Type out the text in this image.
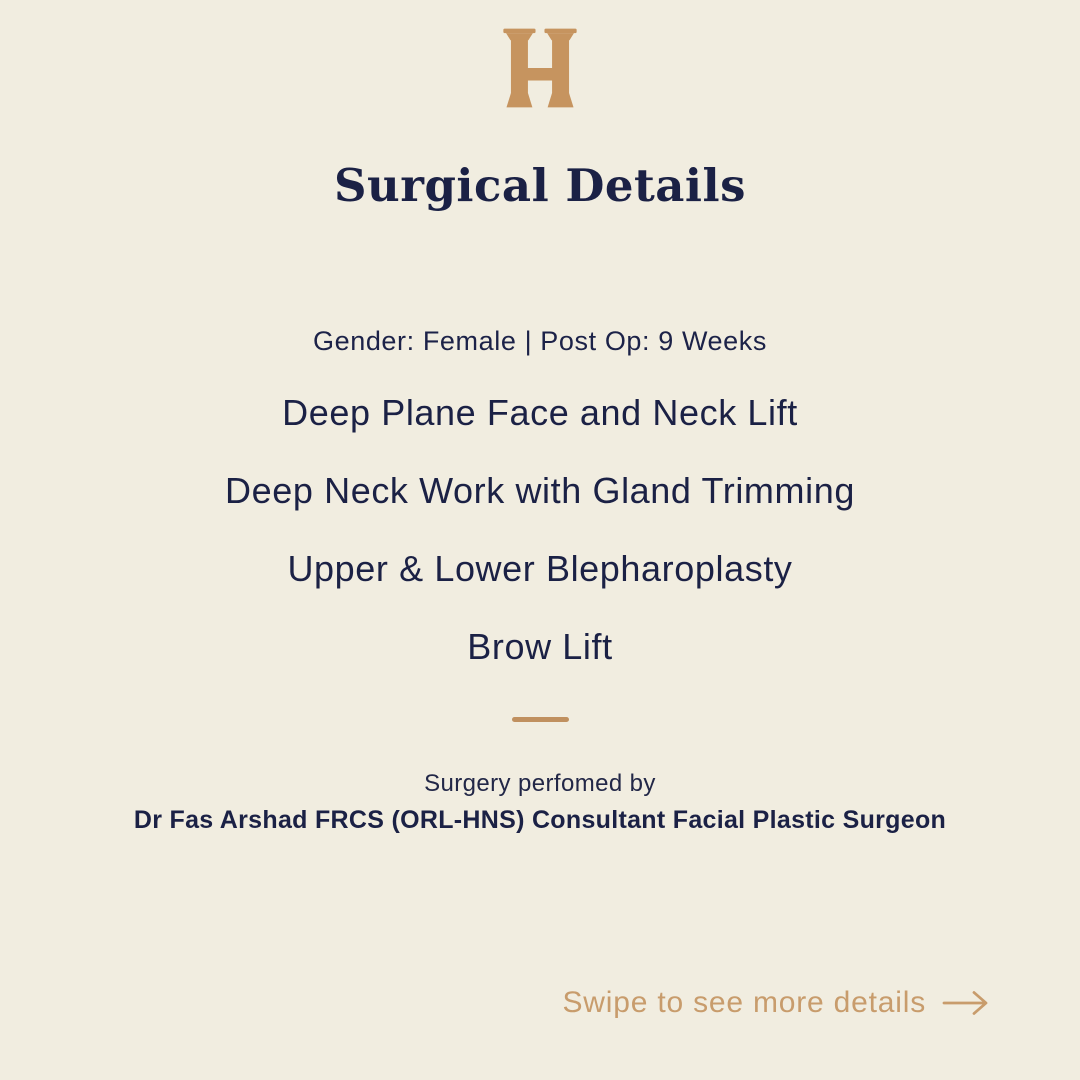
Surgical Details
Gender: Female | Post Op: 9 Weeks
Deep Plane Face and Neck Lift
Deep Neck Work with Gland Trimming
Upper & Lower Blepharoplasty
Brow Lift
Surgery perfomed by
Dr Fas Arshad FRCS (ORL-HNS) Consultant Facial Plastic Surgeon
Swipe to see more details
